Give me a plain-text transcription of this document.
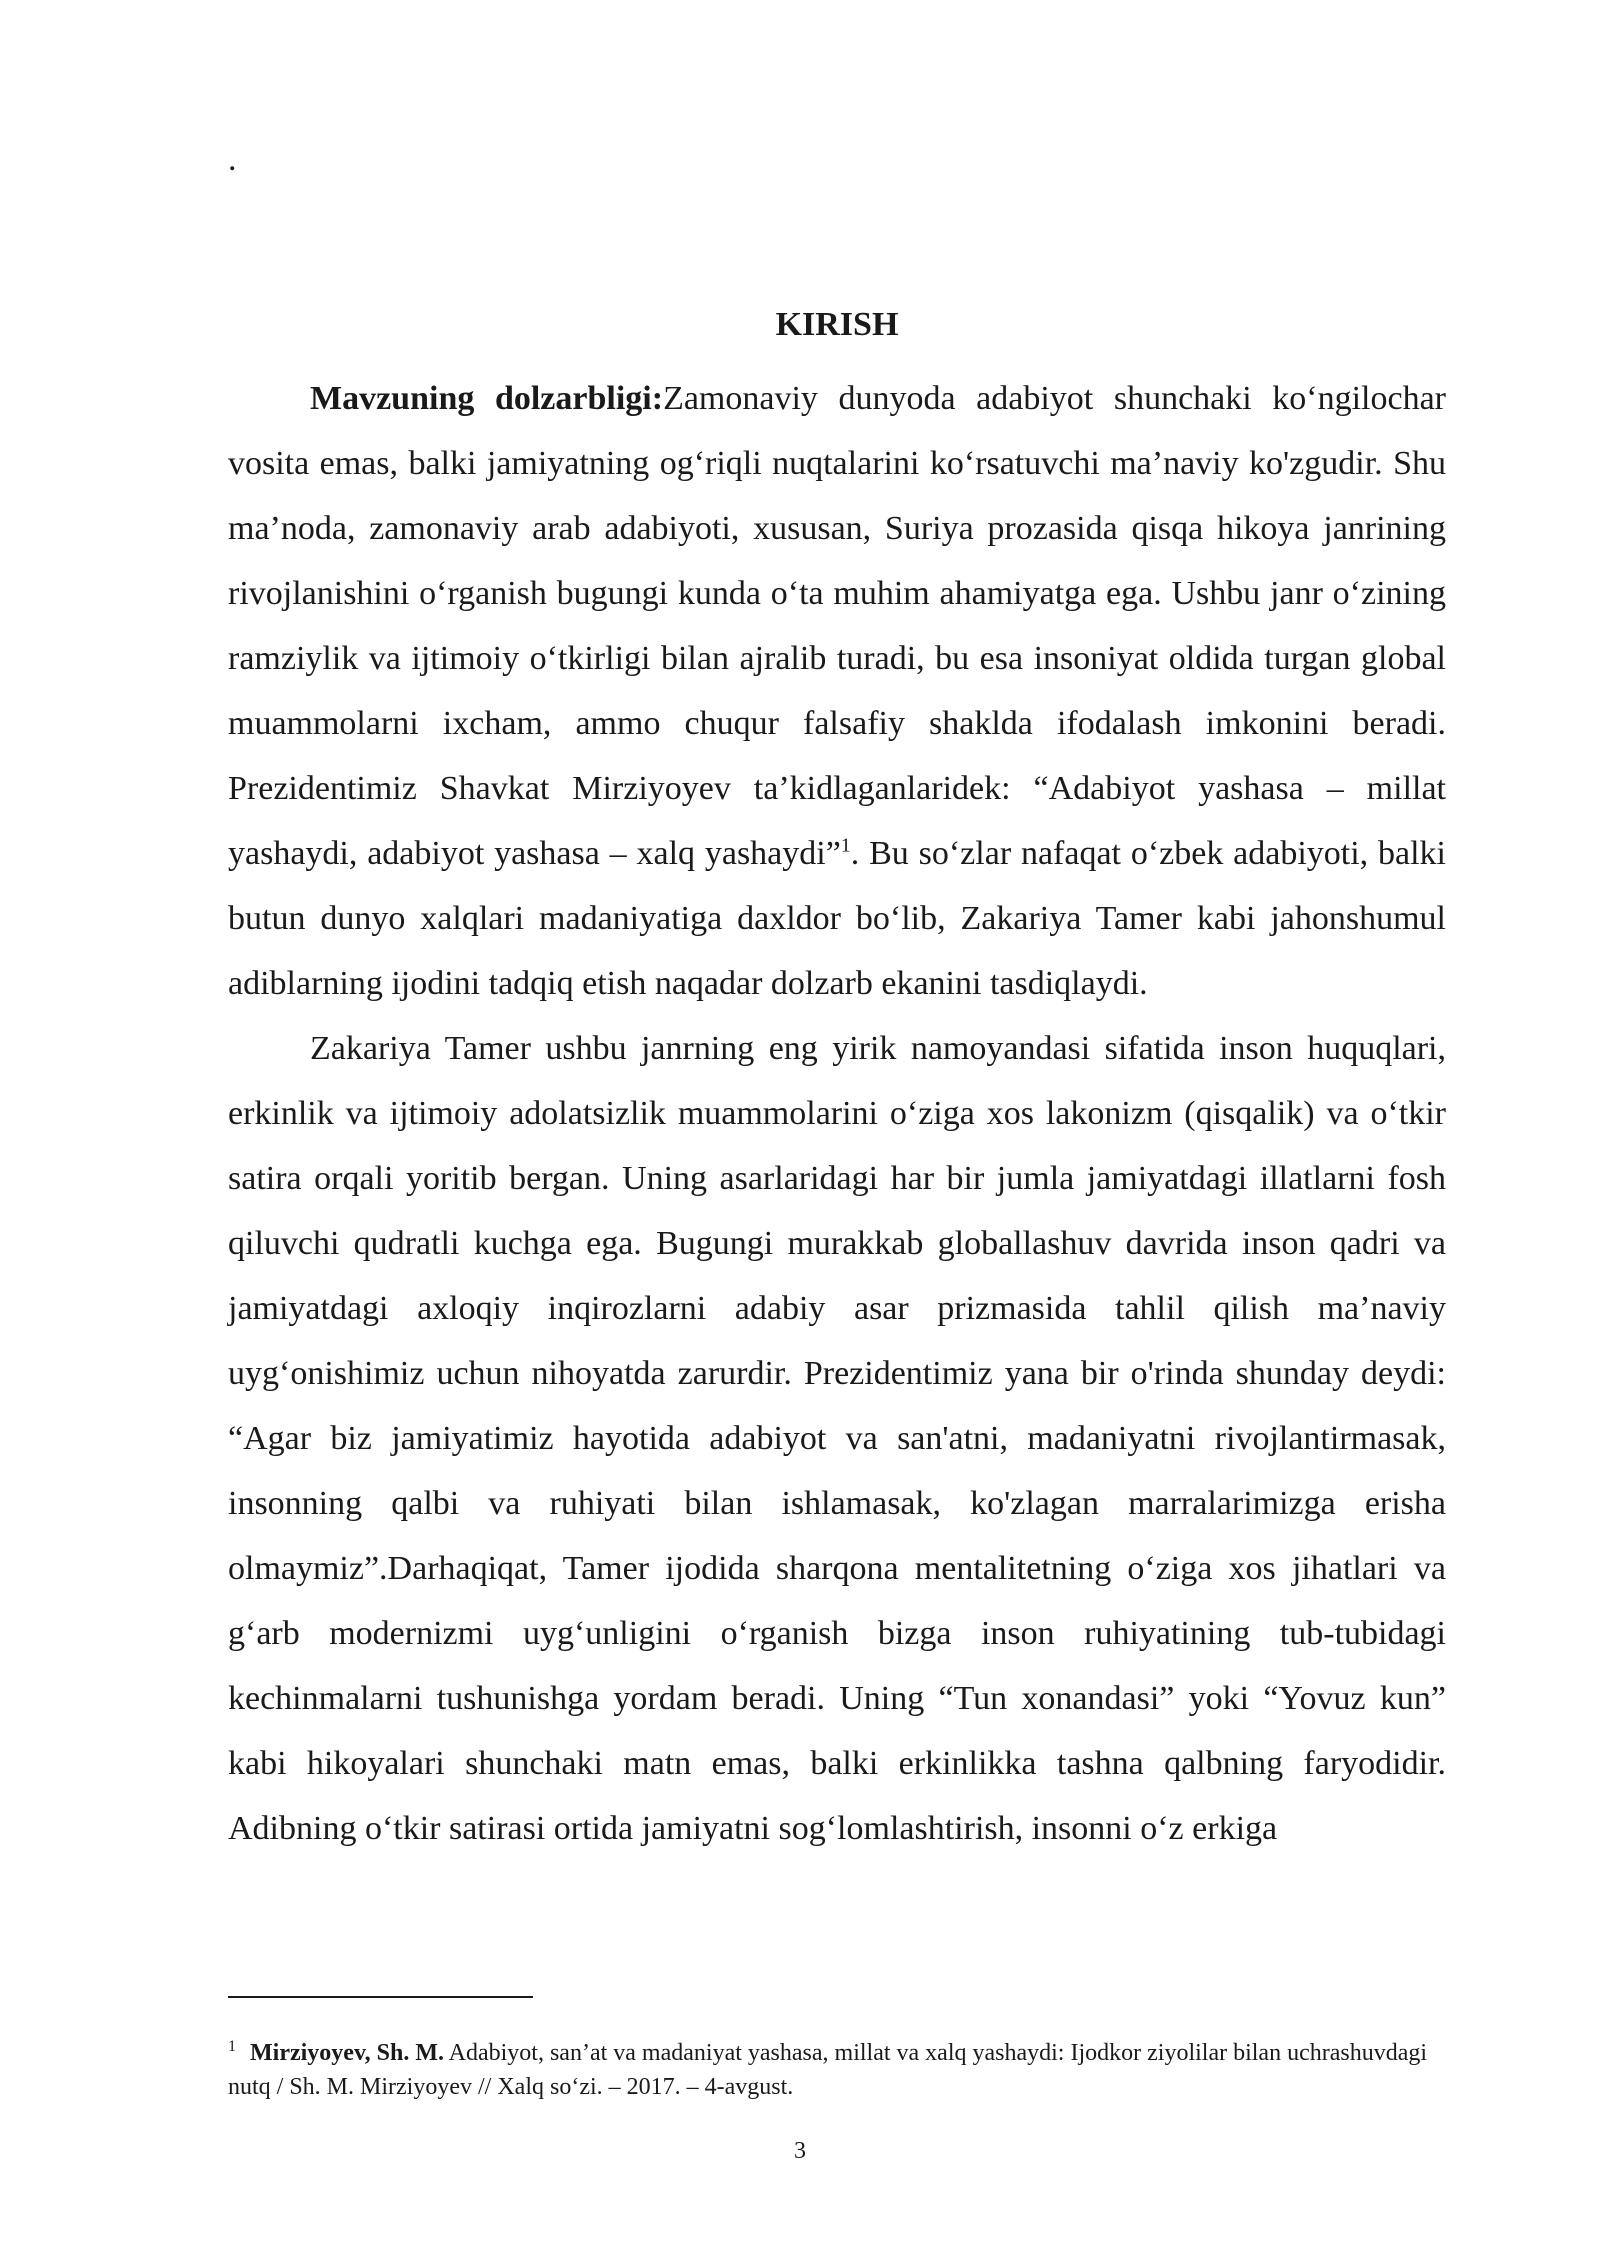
.
KIRISH

Mavzuning dolzarbligi:Zamonaviy dunyoda adabiyot shunchaki ko‘ngilochar vosita emas, balki jamiyatning og‘riqli nuqtalarini ko‘rsatuvchi ma’naviy ko'zgudir. Shu ma’noda, zamonaviy arab adabiyoti, xususan, Suriya prozasida qisqa hikoya janrining rivojlanishini o‘rganish bugungi kunda o‘ta muhim ahamiyatga ega. Ushbu janr o‘zining ramziylik va ijtimoiy o‘tkirligi bilan ajralib turadi, bu esa insoniyat oldida turgan global muammolarni ixcham, ammo chuqur falsafiy shaklda ifodalash imkonini beradi. Prezidentimiz Shavkat Mirziyoyev ta’kidlaganlaridek: “Adabiyot yashasa – millat yashaydi, adabiyot yashasa – xalq yashaydi”$^1$. Bu so‘zlar nafaqat o‘zbek adabiyoti, balki butun dunyo xalqlari madaniyatiga daxldor bo‘lib, Zakariya Tamer kabi jahonshumul adiblarning ijodini tadqiq etish naqadar dolzarb ekanini tasdiqlaydi.

Zakariya Tamer ushbu janrning eng yirik namoyandasi sifatida inson huquqlari, erkinlik va ijtimoiy adolatsizlik muammolarini o‘ziga xos lakonizm (qisqalik) va o‘tkir satira orqali yoritib bergan. Uning asarlaridagi har bir jumla jamiyatdagi illatlarni fosh qiluvchi qudratli kuchga ega. Bugungi murakkab globallashuv davrida inson qadri va jamiyatdagi axloqiy inqirozlarni adabiy asar prizmasida tahlil qilish ma’naviy uyg‘onishimiz uchun nihoyatda zarurdir. Prezidentimiz yana bir o'rinda shunday deydi: “Agar biz jamiyatimiz hayotida adabiyot va san'atni, madaniyatni rivojlantirmasak, insonning qalbi va ruhiyati bilan ishlamasak, ko'zlagan marralarimizga erisha olmaymiz”.Darhaqiqat, Tamer ijodida sharqona mentalitetning o‘ziga xos jihatlari va g‘arb modernizmi uyg‘unligini o‘rganish bizga inson ruhiyatining tub-tubidagi kechinmalarni tushunishga yordam beradi. Uning “Tun xonandasi” yoki “Yovuz kun” kabi hikoyalari shunchaki matn emas, balki erkinlikka tashna qalbning faryodidir. Adibning o‘tkir satirasi ortida jamiyatni sog‘lomlashtirish, insonni o‘z erkiga

$^1$ Mirziyoyev, Sh. M. Adabiyot, san’at va madaniyat yashasa, millat va xalq yashaydi: Ijodkor ziyolilar bilan uchrashuvdagi nutq / Sh. M. Mirziyoyev // Xalq so‘zi. – 2017. – 4-avgust.

3
